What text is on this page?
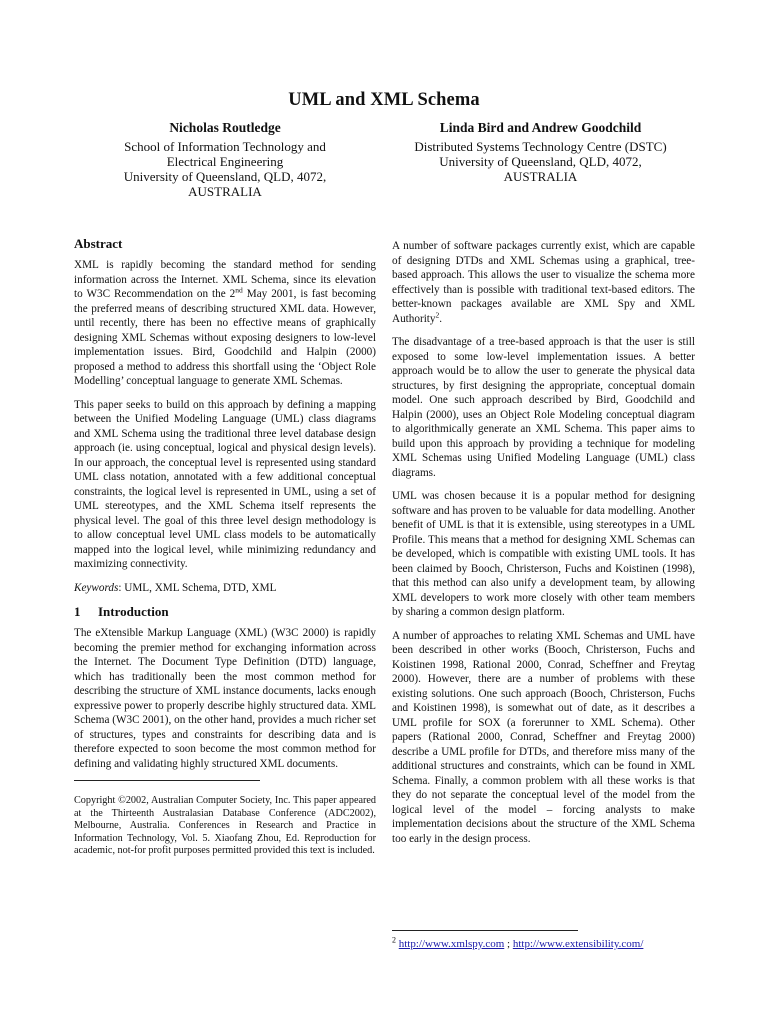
UML and XML Schema
Nicholas Routledge
School of Information Technology and
Electrical Engineering
University of Queensland, QLD, 4072,
AUSTRALIA
Linda Bird and Andrew Goodchild
Distributed Systems Technology Centre (DSTC)
University of Queensland, QLD, 4072,
AUSTRALIA
Abstract

XML is rapidly becoming the standard method for sending information across the Internet. XML Schema, since its elevation to W3C Recommendation on the 2nd May 2001, is fast becoming the preferred means of describing structured XML data. However, until recently, there has been no effective means of graphically designing XML Schemas without exposing designers to low-level implementation issues. Bird, Goodchild and Halpin (2000) proposed a method to address this shortfall using the ‘Object Role Modelling’ conceptual language to generate XML Schemas.

This paper seeks to build on this approach by defining a mapping between the Unified Modeling Language (UML) class diagrams and XML Schema using the traditional three level database design approach (ie. using conceptual, logical and physical design levels). In our approach, the conceptual level is represented using standard UML class notation, annotated with a few additional conceptual constraints, the logical level is represented in UML, using a set of UML stereotypes, and the XML Schema itself represents the physical level. The goal of this three level design methodology is to allow conceptual level UML class models to be automatically mapped into the logical level, while minimizing redundancy and maximizing connectivity.

Keywords: UML, XML Schema, DTD, XML

1 Introduction

The eXtensible Markup Language (XML) (W3C 2000) is rapidly becoming the premier method for exchanging information across the Internet. The Document Type Definition (DTD) language, which has traditionally been the most common method for describing the structure of XML instance documents, lacks enough expressive power to properly describe highly structured data. XML Schema (W3C 2001), on the other hand, provides a much richer set of structures, types and constraints for describing data and is therefore expected to soon become the most common method for defining and validating highly structured XML documents.

Copyright ©2002, Australian Computer Society, Inc. This paper appeared at the Thirteenth Australasian Database Conference (ADC2002), Melbourne, Australia. Conferences in Research and Practice in Information Technology, Vol. 5. Xiaofang Zhou, Ed. Reproduction for academic, not-for profit purposes permitted provided this text is included.

A number of software packages currently exist, which are capable of designing DTDs and XML Schemas using a graphical, tree-based approach. This allows the user to visualize the schema more effectively than is possible with traditional text-based editors. The better-known packages available are XML Spy and XML Authority$^2$.

The disadvantage of a tree-based approach is that the user is still exposed to some low-level implementation issues. A better approach would be to allow the user to generate the physical data structures, by first designing the appropriate, conceptual domain model. One such approach described by Bird, Goodchild and Halpin (2000), uses an Object Role Modeling conceptual diagram to algorithmically generate an XML Schema. This paper aims to build upon this approach by providing a technique for modeling XML Schemas using Unified Modeling Language (UML) class diagrams.

UML was chosen because it is a popular method for designing software and has proven to be valuable for data modelling. Another benefit of UML is that it is extensible, using stereotypes in a UML Profile. This means that a method for designing XML Schemas can be developed, which is compatible with existing UML tools. It has been claimed by Booch, Christerson, Fuchs and Koistinen (1998), that this method can also unify a development team, by allowing XML developers to work more closely with other team members by sharing a common design platform.

A number of approaches to relating XML Schemas and UML have been described in other works (Booch, Christerson, Fuchs and Koistinen 1998, Rational 2000, Conrad, Scheffner and Freytag 2000). However, there are a number of problems with these existing solutions. One such approach (Booch, Christerson, Fuchs and Koistinen 1998), is somewhat out of date, as it describes a UML profile for SOX (a forerunner to XML Schema). Other papers (Rational 2000, Conrad, Scheffner and Freytag 2000) describe a UML profile for DTDs, and therefore miss many of the additional structures and constraints, which can be found in XML Schema. Finally, a common problem with all these works is that they do not separate the conceptual level of the model from the logical level of the model – forcing analysts to make implementation decisions about the structure of the XML Schema too early in the design process.

$^2$ http://www.xmlspy.com ; http://www.extensibility.com/
